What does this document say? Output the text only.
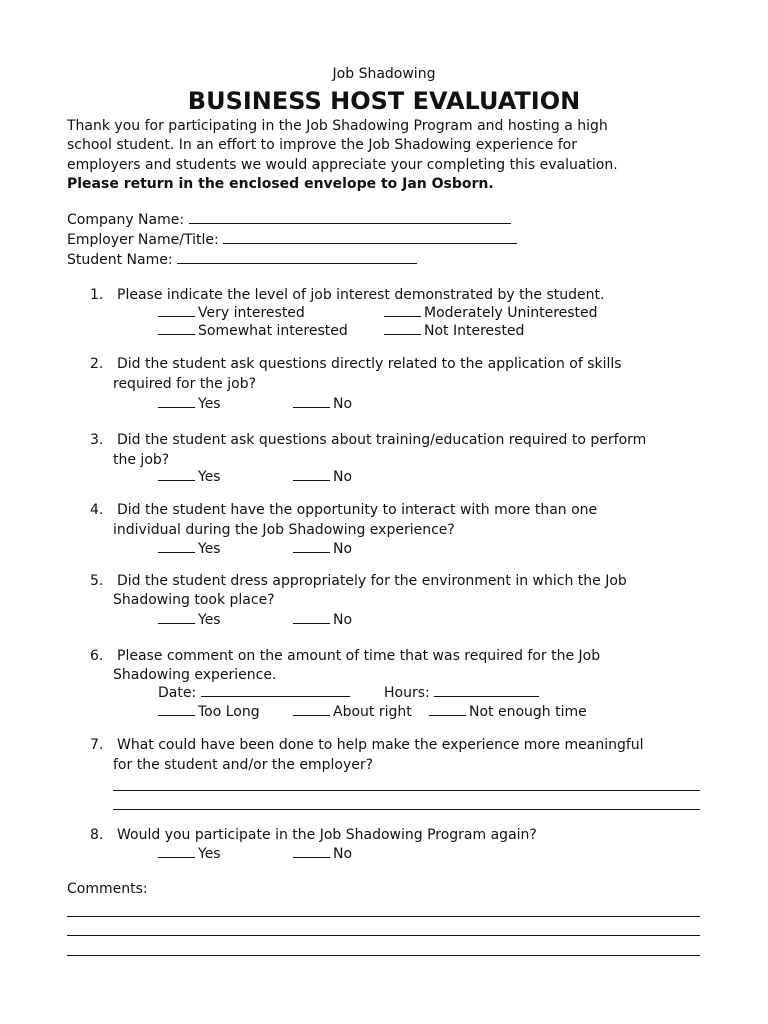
Job Shadowing
BUSINESS HOST EVALUATION
Thank you for participating in the Job Shadowing Program and hosting a high
school student. In an effort to improve the Job Shadowing experience for
employers and students we would appreciate your completing this evaluation.
Please return in the enclosed envelope to Jan Osborn.
Company Name:
Employer Name/Title:
Student Name:
1. Please indicate the level of job interest demonstrated by the student.
Very interested	Moderately Uninterested
Somewhat interested	Not Interested
2. Did the student ask questions directly related to the application of skills
required for the job?
Yes	No
3. Did the student ask questions about training/education required to perform
the job?
Yes	No
4. Did the student have the opportunity to interact with more than one
individual during the Job Shadowing experience?
Yes	No
5. Did the student dress appropriately for the environment in which the Job
Shadowing took place?
Yes	No
6. Please comment on the amount of time that was required for the Job
Shadowing experience.
Date:	Hours:
Too Long	About right	Not enough time
7. What could have been done to help make the experience more meaningful
for the student and/or the employer?
8. Would you participate in the Job Shadowing Program again?
Yes	No
Comments:
